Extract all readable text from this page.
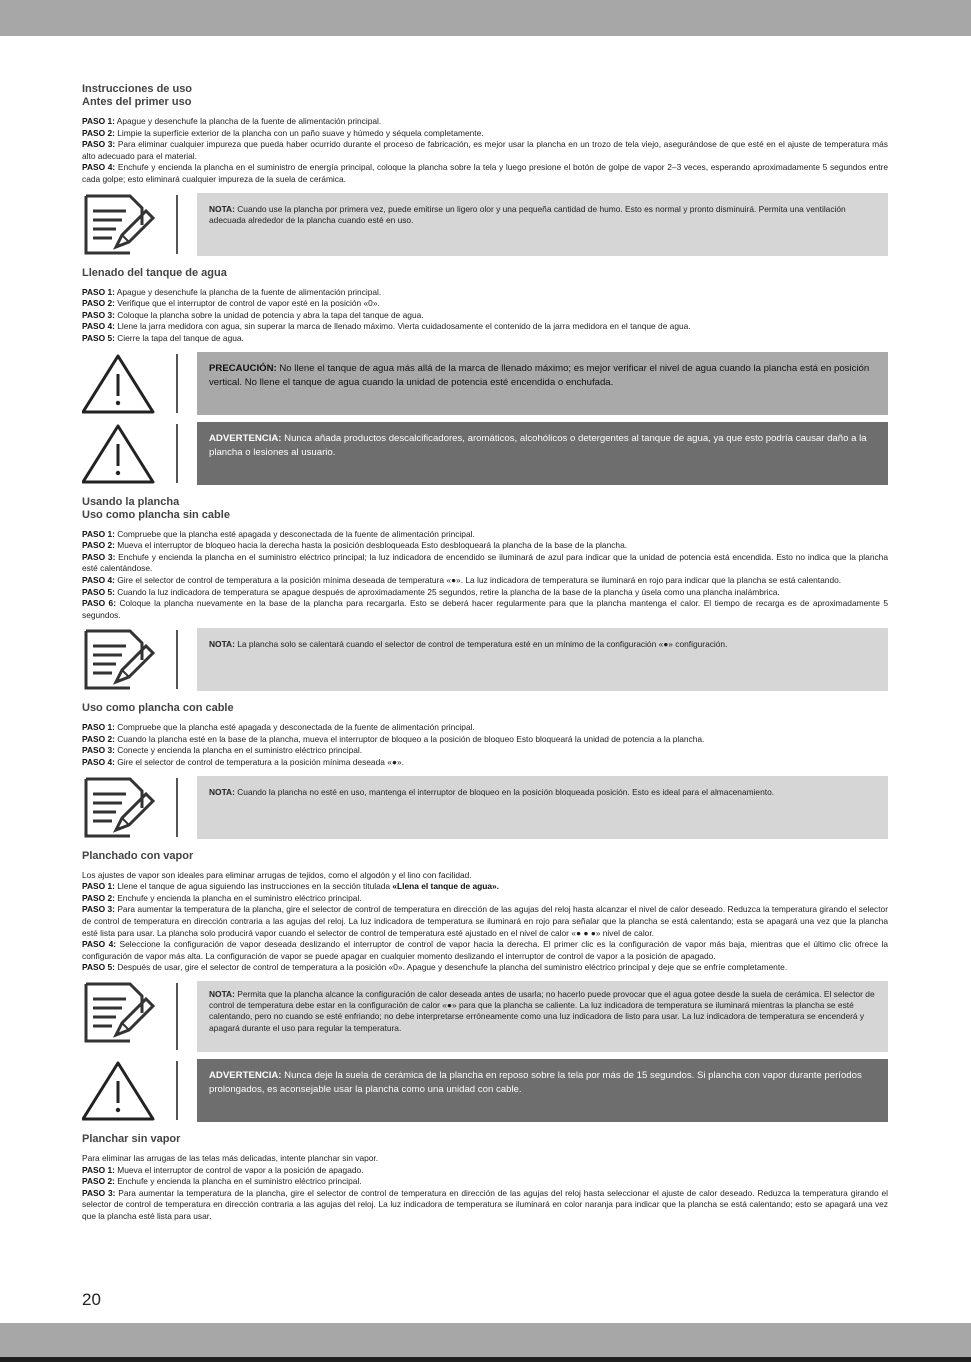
Instrucciones de uso
Antes del primer uso

PASO 1: Apague y desenchufe la plancha de la fuente de alimentación principal.

PASO 2: Limpie la superficie exterior de la plancha con un paño suave y húmedo y séquela completamente.

PASO 3: Para eliminar cualquier impureza que pueda haber ocurrido durante el proceso de fabricación, es mejor usar la plancha en un trozo de tela viejo, asegurándose de que esté en el ajuste de temperatura más alto adecuado para el material.

PASO 4: Enchufe y encienda la plancha en el suministro de energía principal, coloque la plancha sobre la tela y luego presione el botón de golpe de vapor 2–3 veces, esperando aproximadamente 5 segundos entre cada golpe; esto eliminará cualquier impureza de la suela de cerámica.

NOTA: Cuando use la plancha por primera vez, puede emitirse un ligero olor y una pequeña cantidad de humo. Esto es normal y pronto disminuirá. Permita una ventilación adecuada alrededor de la plancha cuando esté en uso.
Llenado del tanque de agua

PASO 1: Apague y desenchufe la plancha de la fuente de alimentación principal.

PASO 2: Verifique que el interruptor de control de vapor esté en la posición «0».

PASO 3: Coloque la plancha sobre la unidad de potencia y abra la tapa del tanque de agua.

PASO 4: Llene la jarra medidora con agua, sin superar la marca de llenado máximo. Vierta cuidadosamente el contenido de la jarra medidora en el tanque de agua.

PASO 5: Cierre la tapa del tanque de agua.

PRECAUCIÓN: No llene el tanque de agua más allá de la marca de llenado máximo; es mejor verificar el nivel de agua cuando la plancha está en posición vertical. No llene el tanque de agua cuando la unidad de potencia esté encendida o enchufada.
ADVERTENCIA: Nunca añada productos descalcificadores, aromáticos, alcohólicos o detergentes al tanque de agua, ya que esto podría causar daño a la plancha o lesiones al usuario.
Usando la plancha
Uso como plancha sin cable

PASO 1: Compruebe que la plancha esté apagada y desconectada de la fuente de alimentación principal.

PASO 2: Mueva el interruptor de bloqueo hacia la derecha hasta la posición desbloqueada Esto desbloqueará la plancha de la base de la plancha.

PASO 3: Enchufe y encienda la plancha en el suministro eléctrico principal; la luz indicadora de encendido se iluminará de azul para indicar que la unidad de potencia está encendida. Esto no indica que la plancha esté calentándose.

PASO 4: Gire el selector de control de temperatura a la posición mínima deseada de temperatura «●». La luz indicadora de temperatura se iluminará en rojo para indicar que la plancha se está calentando.

PASO 5: Cuando la luz indicadora de temperatura se apague después de aproximadamente 25 segundos, retire la plancha de la base de la plancha y úsela como una plancha inalámbrica.

PASO 6: Coloque la plancha nuevamente en la base de la plancha para recargarla. Esto se deberá hacer regularmente para que la plancha mantenga el calor. El tiempo de recarga es de aproximadamente 5 segundos.

NOTA: La plancha solo se calentará cuando el selector de control de temperatura esté en un mínimo de la configuración «●» configuración.
Uso como plancha con cable

PASO 1: Compruebe que la plancha esté apagada y desconectada de la fuente de alimentación principal.

PASO 2: Cuando la plancha esté en la base de la plancha, mueva el interruptor de bloqueo a la posición de bloqueo Esto bloqueará la unidad de potencia a la plancha.

PASO 3: Conecte y encienda la plancha en el suministro eléctrico principal.

PASO 4: Gire el selector de control de temperatura a la posición mínima deseada «●».

NOTA: Cuando la plancha no esté en uso, mantenga el interruptor de bloqueo en la posición bloqueada posición. Esto es ideal para el almacenamiento.
Planchado con vapor

Los ajustes de vapor son ideales para eliminar arrugas de tejidos, como el algodón y el lino con facilidad.

PASO 1: Llene el tanque de agua siguiendo las instrucciones en la sección titulada «Llena el tanque de agua».

PASO 2: Enchufe y encienda la plancha en el suministro eléctrico principal.

PASO 3: Para aumentar la temperatura de la plancha, gire el selector de control de temperatura en dirección de las agujas del reloj hasta alcanzar el nivel de calor deseado. Reduzca la temperatura girando el selector de control de temperatura en dirección contraria a las agujas del reloj. La luz indicadora de temperatura se iluminará en rojo para señalar que la plancha se está calentando; esta se apagará una vez que la plancha esté lista para usar. La plancha solo producirá vapor cuando el selector de control de temperatura esté ajustado en el nivel de calor «● ● ●» nivel de calor.

PASO 4: Seleccione la configuración de vapor deseada deslizando el interruptor de control de vapor hacia la derecha. El primer clic es la configuración de vapor más baja, mientras que el último clic ofrece la configuración de vapor más alta. La configuración de vapor se puede apagar en cualquier momento deslizando el interruptor de control de vapor a la posición de apagado.

PASO 5: Después de usar, gire el selector de control de temperatura a la posición «0». Apague y desenchufe la plancha del suministro eléctrico principal y deje que se enfríe completamente.

NOTA: Permita que la plancha alcance la configuración de calor deseada antes de usarla; no hacerlo puede provocar que el agua gotee desde la suela de cerámica. El selector de control de temperatura debe estar en la configuración de calor «●» para que la plancha se caliente. La luz indicadora de temperatura se iluminará mientras la plancha se esté calentando, pero no cuando se esté enfriando; no debe interpretarse erróneamente como una luz indicadora de listo para usar. La luz indicadora de temperatura se encenderá y apagará durante el uso para regular la temperatura.
ADVERTENCIA: Nunca deje la suela de cerámica de la plancha en reposo sobre la tela por más de 15 segundos. Si plancha con vapor durante períodos prolongados, es aconsejable usar la plancha como una unidad con cable.
Planchar sin vapor

Para eliminar las arrugas de las telas más delicadas, intente planchar sin vapor.

PASO 1: Mueva el interruptor de control de vapor a la posición de apagado.

PASO 2: Enchufe y encienda la plancha en el suministro eléctrico principal.

PASO 3: Para aumentar la temperatura de la plancha, gire el selector de control de temperatura en dirección de las agujas del reloj hasta seleccionar el ajuste de calor deseado. Reduzca la temperatura girando el selector de control de temperatura en dirección contraria a las agujas del reloj. La luz indicadora de temperatura se iluminará en color naranja para indicar que la plancha se está calentando; esto se apagará una vez que la plancha esté lista para usar.

20
